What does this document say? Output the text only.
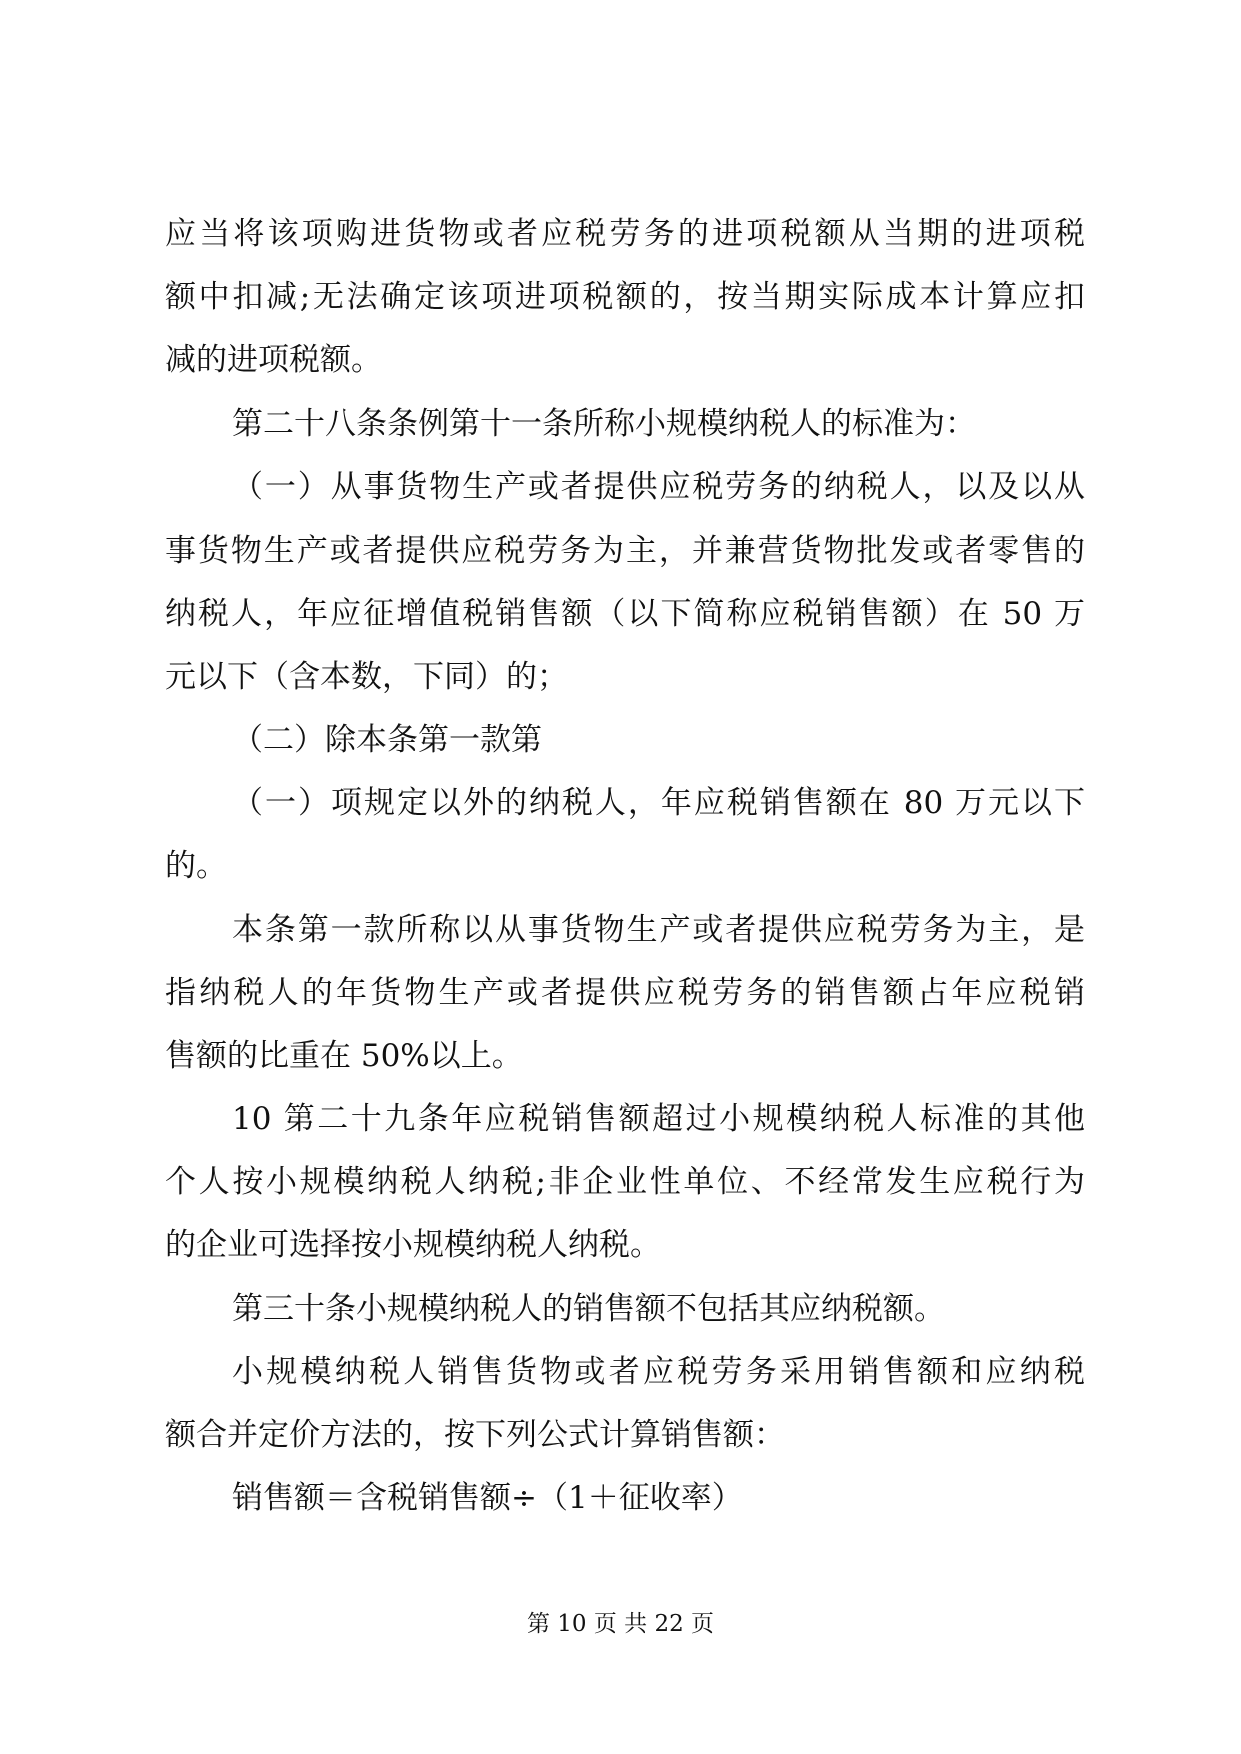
应当将该项购进货物或者应税劳务的进项税额从当期的进项税
额中扣减;无法确定该项进项税额的，按当期实际成本计算应扣
减的进项税额。
第二十八条条例第十一条所称小规模纳税人的标准为：
（一）从事货物生产或者提供应税劳务的纳税人，以及以从
事货物生产或者提供应税劳务为主，并兼营货物批发或者零售的
纳税人，年应征增值税销售额（以下简称应税销售额）在 50 万
元以下（含本数，下同）的；
（二）除本条第一款第
（一）项规定以外的纳税人，年应税销售额在 80 万元以下
的。
本条第一款所称以从事货物生产或者提供应税劳务为主，是
指纳税人的年货物生产或者提供应税劳务的销售额占年应税销
售额的比重在 50%以上。
10 第二十九条年应税销售额超过小规模纳税人标准的其他
个人按小规模纳税人纳税;非企业性单位、不经常发生应税行为
的企业可选择按小规模纳税人纳税。
第三十条小规模纳税人的销售额不包括其应纳税额。
小规模纳税人销售货物或者应税劳务采用销售额和应纳税
额合并定价方法的，按下列公式计算销售额：
销售额＝含税销售额÷（1＋征收率）
第 10 页 共 22 页
